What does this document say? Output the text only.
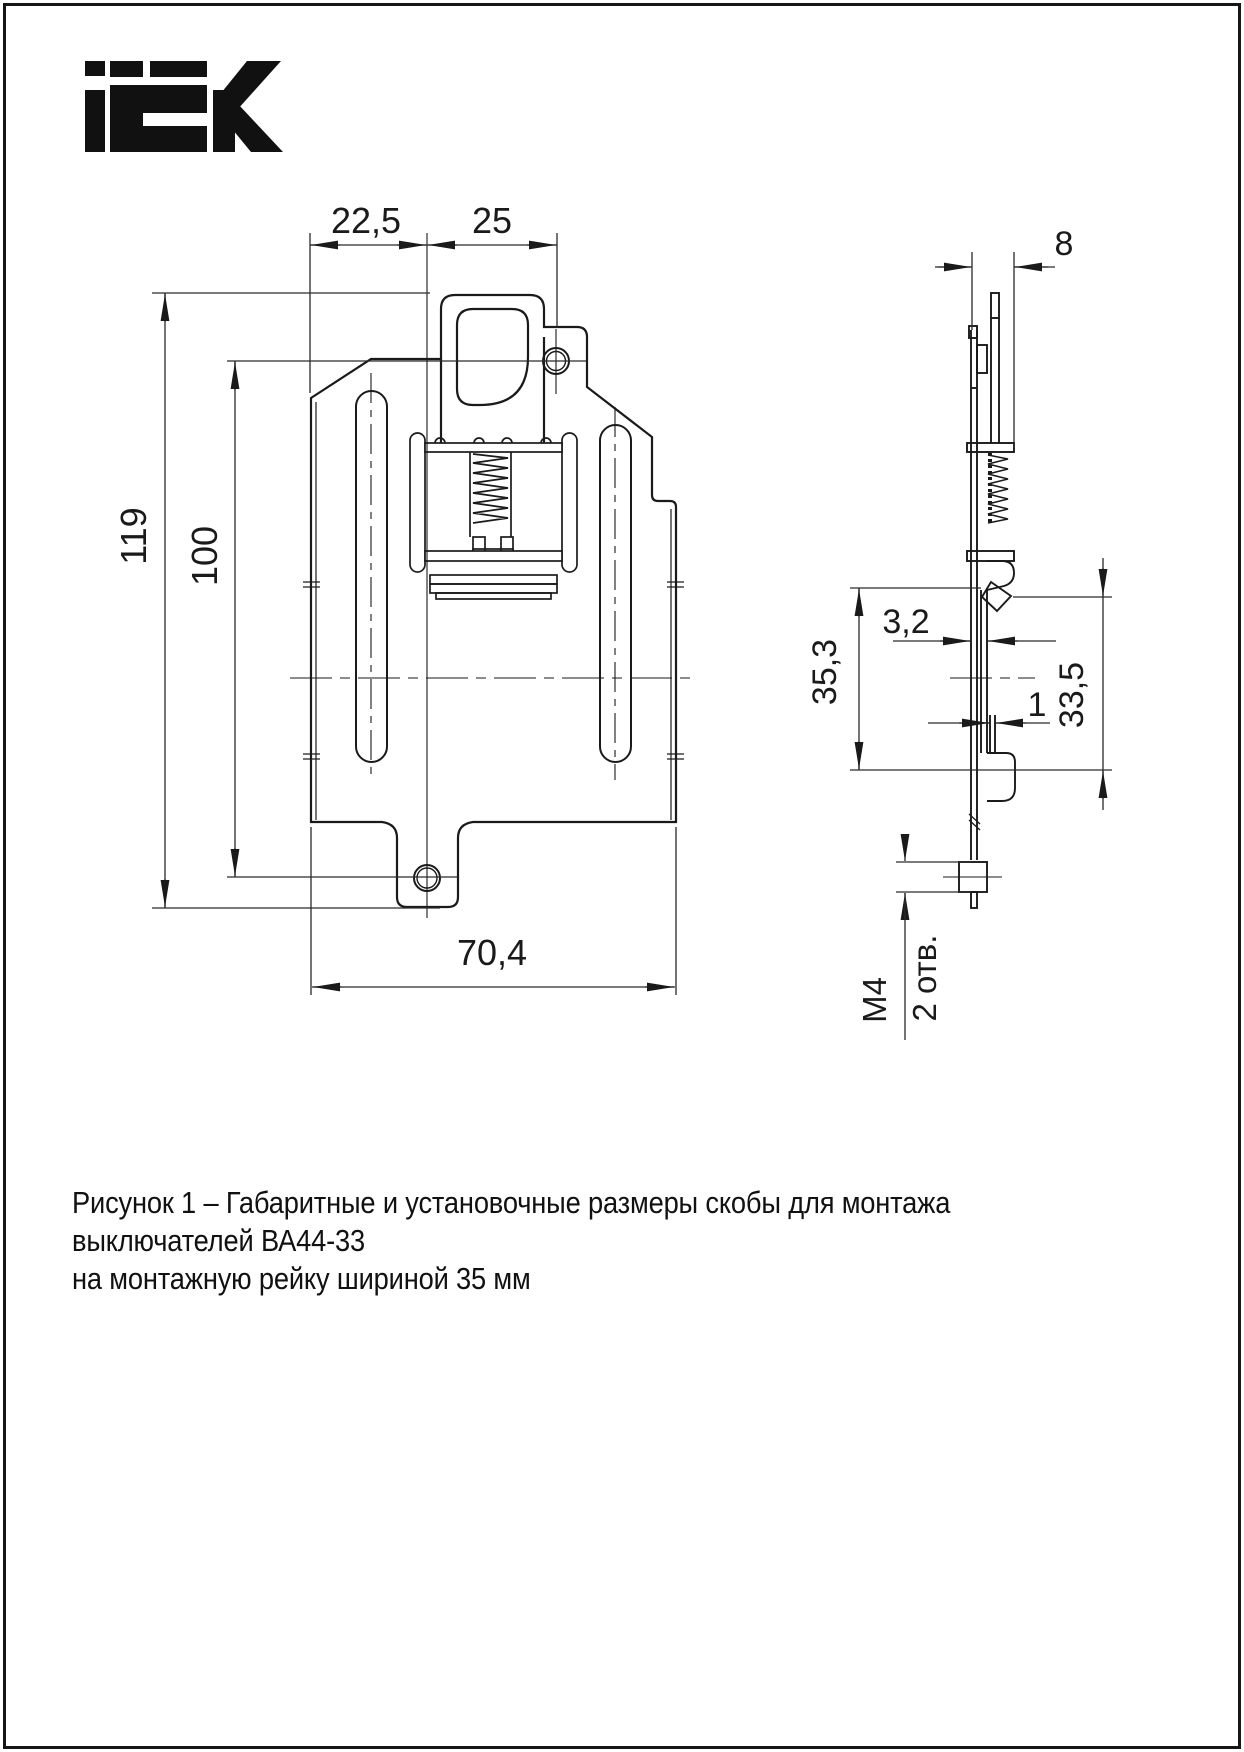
22,5 25
119 100
70,4
8
3,2
35,3	1 33,5
М4 2 отв.
Рисунок 1 – Габаритные и установочные размеры скобы для монтажа выключателей ВА44-33
на монтажную рейку шириной 35 мм
